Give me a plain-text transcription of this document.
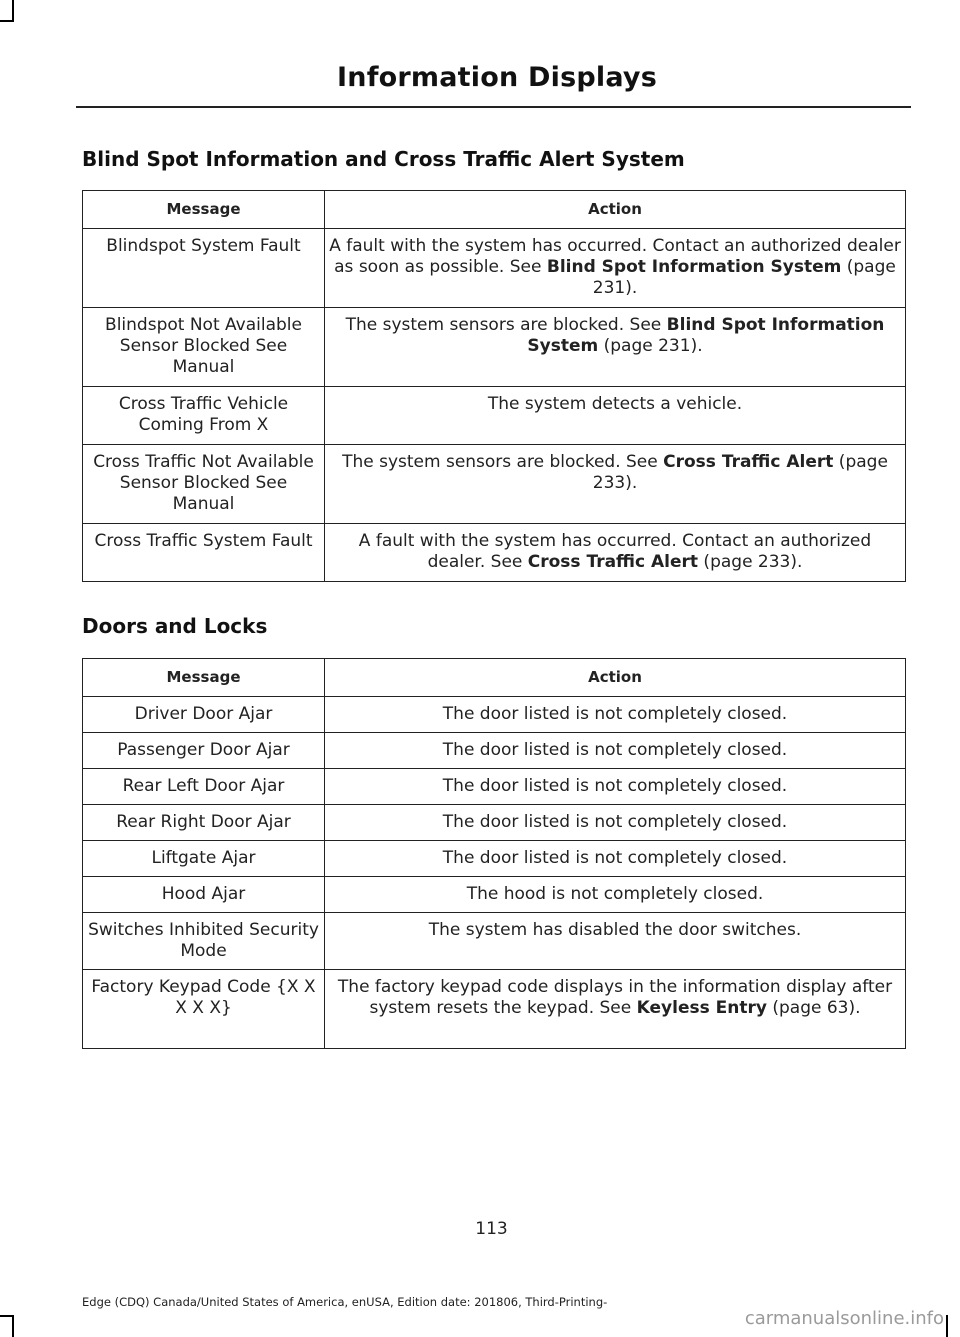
Information Displays
Blind Spot Information and Cross Traffic Alert System
Message	Action
Blindspot System Fault	A fault with the system has occurred. Contact an authorized dealer as soon as possible. See Blind Spot Information System (page 231).
Blindspot Not Available Sensor Blocked See Manual	The system sensors are blocked. See Blind Spot Information System (page 231).
Cross Traffic Vehicle Coming From X	The system detects a vehicle.
Cross Traffic Not Available Sensor Blocked See Manual	The system sensors are blocked. See Cross Traffic Alert (page 233).
Cross Traffic System Fault	A fault with the system has occurred. Contact an authorized dealer. See Cross Traffic Alert (page 233).
Doors and Locks
Message	Action
Driver Door Ajar	The door listed is not completely closed.
Passenger Door Ajar	The door listed is not completely closed.
Rear Left Door Ajar	The door listed is not completely closed.
Rear Right Door Ajar	The door listed is not completely closed.
Liftgate Ajar	The door listed is not completely closed.
Hood Ajar	The hood is not completely closed.
Switches Inhibited Security Mode	The system has disabled the door switches.
Factory Keypad Code {X X X X X}	The factory keypad code displays in the information display after system resets the keypad. See Keyless Entry (page 63).
113
Edge (CDQ) Canada/United States of America, enUSA, Edition date: 201806, Third-Printing-
carmanualsonline.info
